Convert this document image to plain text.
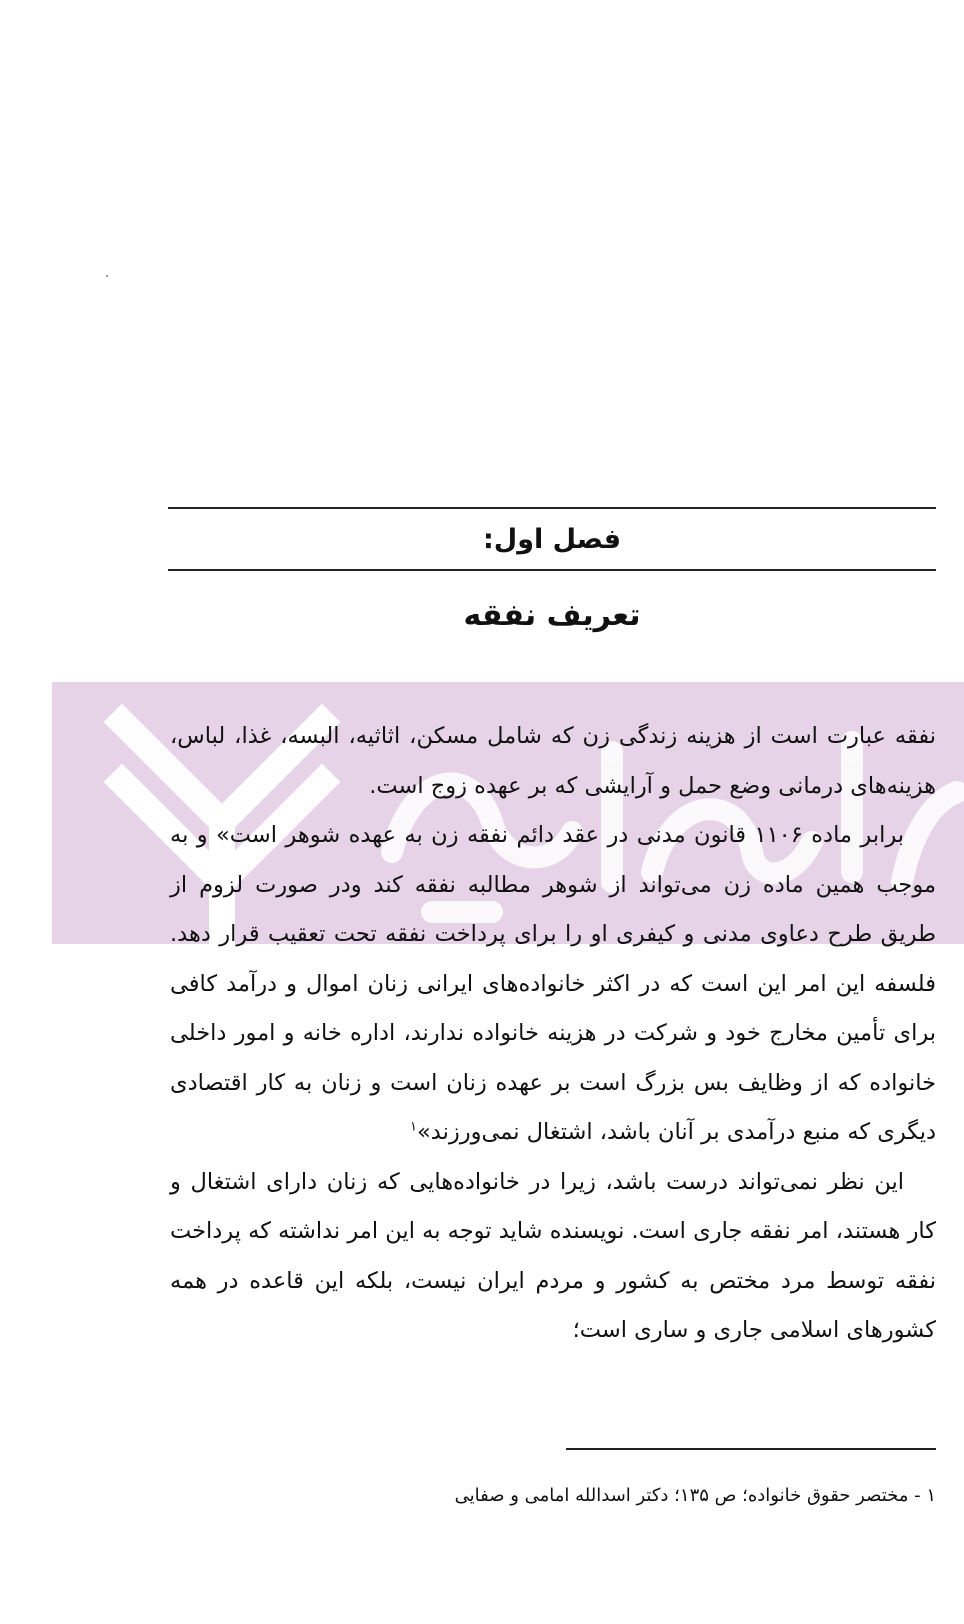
فصل اول:
تعریف نفقه

نفقه عبارت است از هزینه زندگی زن که شامل مسکن، اثاثیه، البسه، غذا، لباس، هزینه‌های درمانی وضع حمل و آرایشی که بر عهده زوج است.

برابر ماده ۱۱۰۶ قانون مدنی در عقد دائم نفقه زن به عهده شوهر است» و به موجب همین ماده زن می‌تواند از شوهر مطالبه نفقه کند ودر صورت لزوم از طریق طرح دعاوی مدنی و کیفری او را برای پرداخت نفقه تحت تعقیب قرار دهد. فلسفه این امر این است که در اکثر خانواده‌های ایرانی زنان اموال و درآمد کافی برای تأمین مخارج خود و شرکت در هزینه خانواده ندارند، اداره خانه و امور داخلی خانواده که از وظایف بس بزرگ است بر عهده زنان است و زنان به کار اقتصادی دیگری که منبع درآمدی بر آنان باشد، اشتغال نمی‌ورزند»$^۱$

این نظر نمی‌تواند درست باشد، زیرا در خانواده‌هایی که زنان دارای اشتغال و کار هستند، امر نفقه جاری است. نویسنده شاید توجه به این امر نداشته که پرداخت نفقه توسط مرد مختص به کشور و مردم ایران نیست، بلکه این قاعده در همه کشورهای اسلامی جاری و ساری است؛

۱ - مختصر حقوق خانواده؛ ص ۱۳۵؛ دکتر اسدالله امامی و صفایی
